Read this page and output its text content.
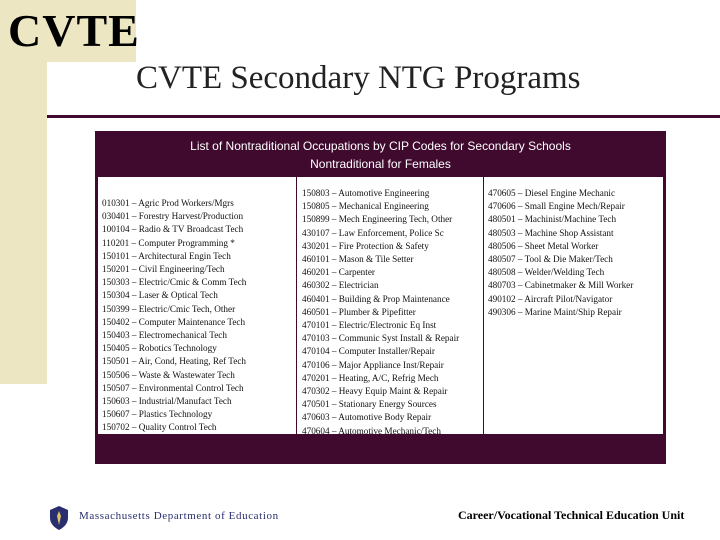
CVTE
CVTE Secondary NTG Programs
List of Nontraditional Occupations by CIP Codes for Secondary Schools
Nontraditional for Females
010301 – Agric Prod Workers/Mgrs
030401 – Forestry Harvest/Production
100104 – Radio & TV Broadcast Tech
110201 – Computer Programming *
150101 – Architectural Engin Tech
150201 – Civil Engineering/Tech
150303 – Electric/Cmic & Comm Tech
150304 – Laser & Optical Tech
150399 – Electric/Cmic Tech, Other
150402 – Computer Maintenance Tech
150403 – Electromechanical Tech
150405 – Robotics Technology
150501 – Air, Cond, Heating, Ref Tech
150506 – Waste & Wastewater Tech
150507 – Environmental Control Tech
150603 – Industrial/Manufact Tech
150607 – Plastics Technology
150702 – Quality Control Tech
150803 – Automotive Engineering
150805 – Mechanical Engineering
150899 – Mech Engineering Tech, Other
430107 – Law Enforcement, Police Sc
430201 – Fire Protection & Safety
460101 – Mason & Tile Setter
460201 – Carpenter
460302 – Electrician
460401 – Building & Prop Maintenance
460501 – Plumber & Pipefitter
470101 – Electric/Electronic Eq Inst
470103 – Communic Syst Install & Repair
470104 – Computer Installer/Repair
470106 – Major Appliance Inst/Repair
470201 – Heating, A/C, Refrig Mech
470302 – Heavy Equip Maint & Repair
470501 – Stationary Energy Sources
470603 – Automotive Body Repair
470604 – Automotive Mechanic/Tech
470605 – Diesel Engine Mechanic
470606 – Small Engine Mech/Repair
480501 – Machinist/Machine Tech
480503 – Machine Shop Assistant
480506 – Sheet Metal Worker
480507 – Tool & Die Maker/Tech
480508 – Welder/Welding Tech
480703 – Cabinetmaker & Mill Worker
490102 – Aircraft Pilot/Navigator
490306 – Marine Maint/Ship Repair
Massachusetts Department of Education	Career/Vocational Technical Education Unit
